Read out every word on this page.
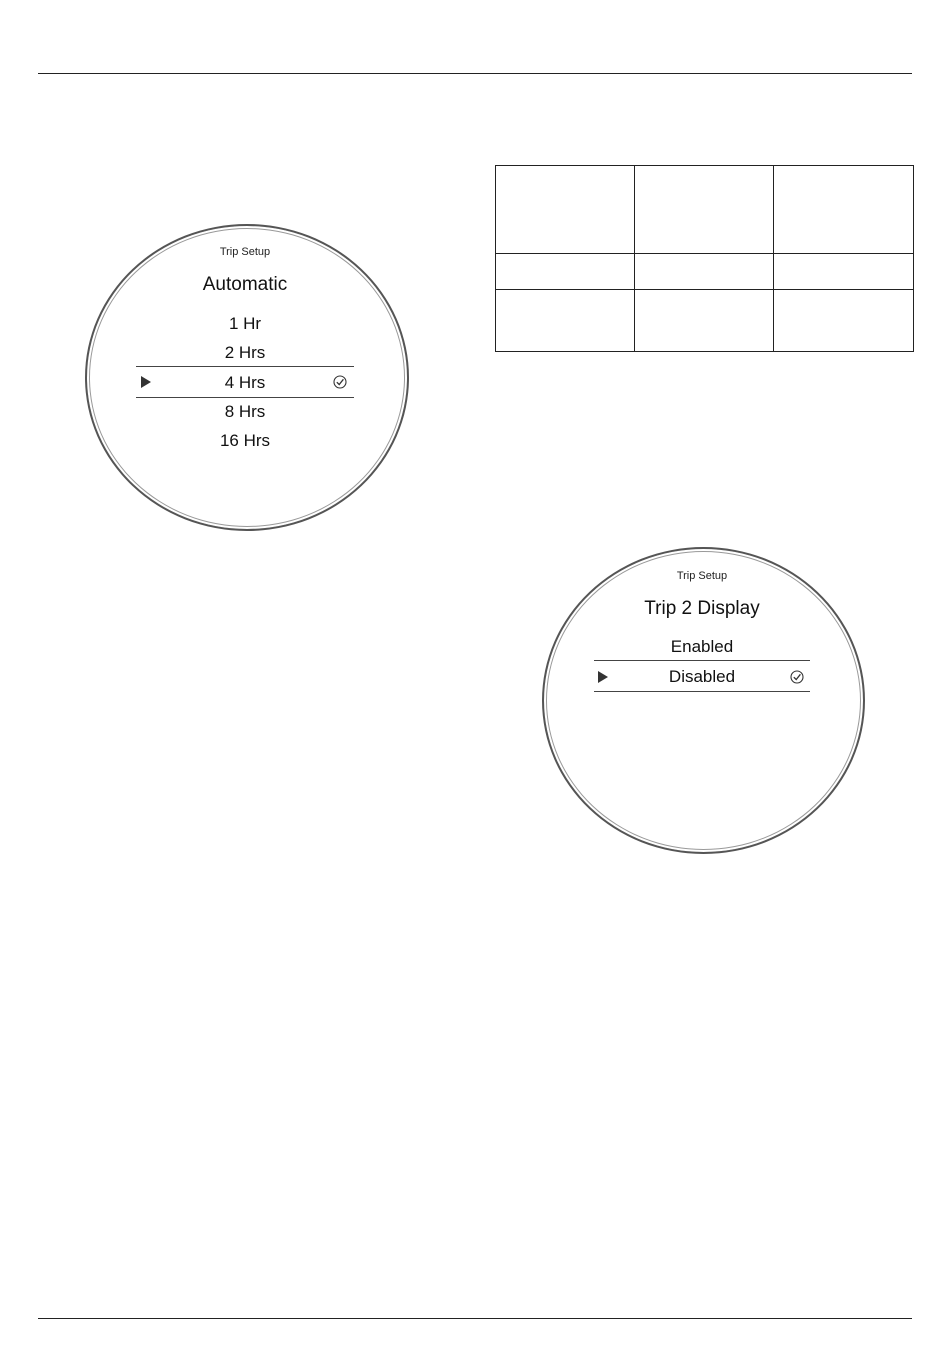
Trip Setup
Automatic
1 Hr
2 Hrs
4 Hrs
8 Hrs
16 Hrs

Trip Setup
Trip 2 Display
Enabled
Disabled
